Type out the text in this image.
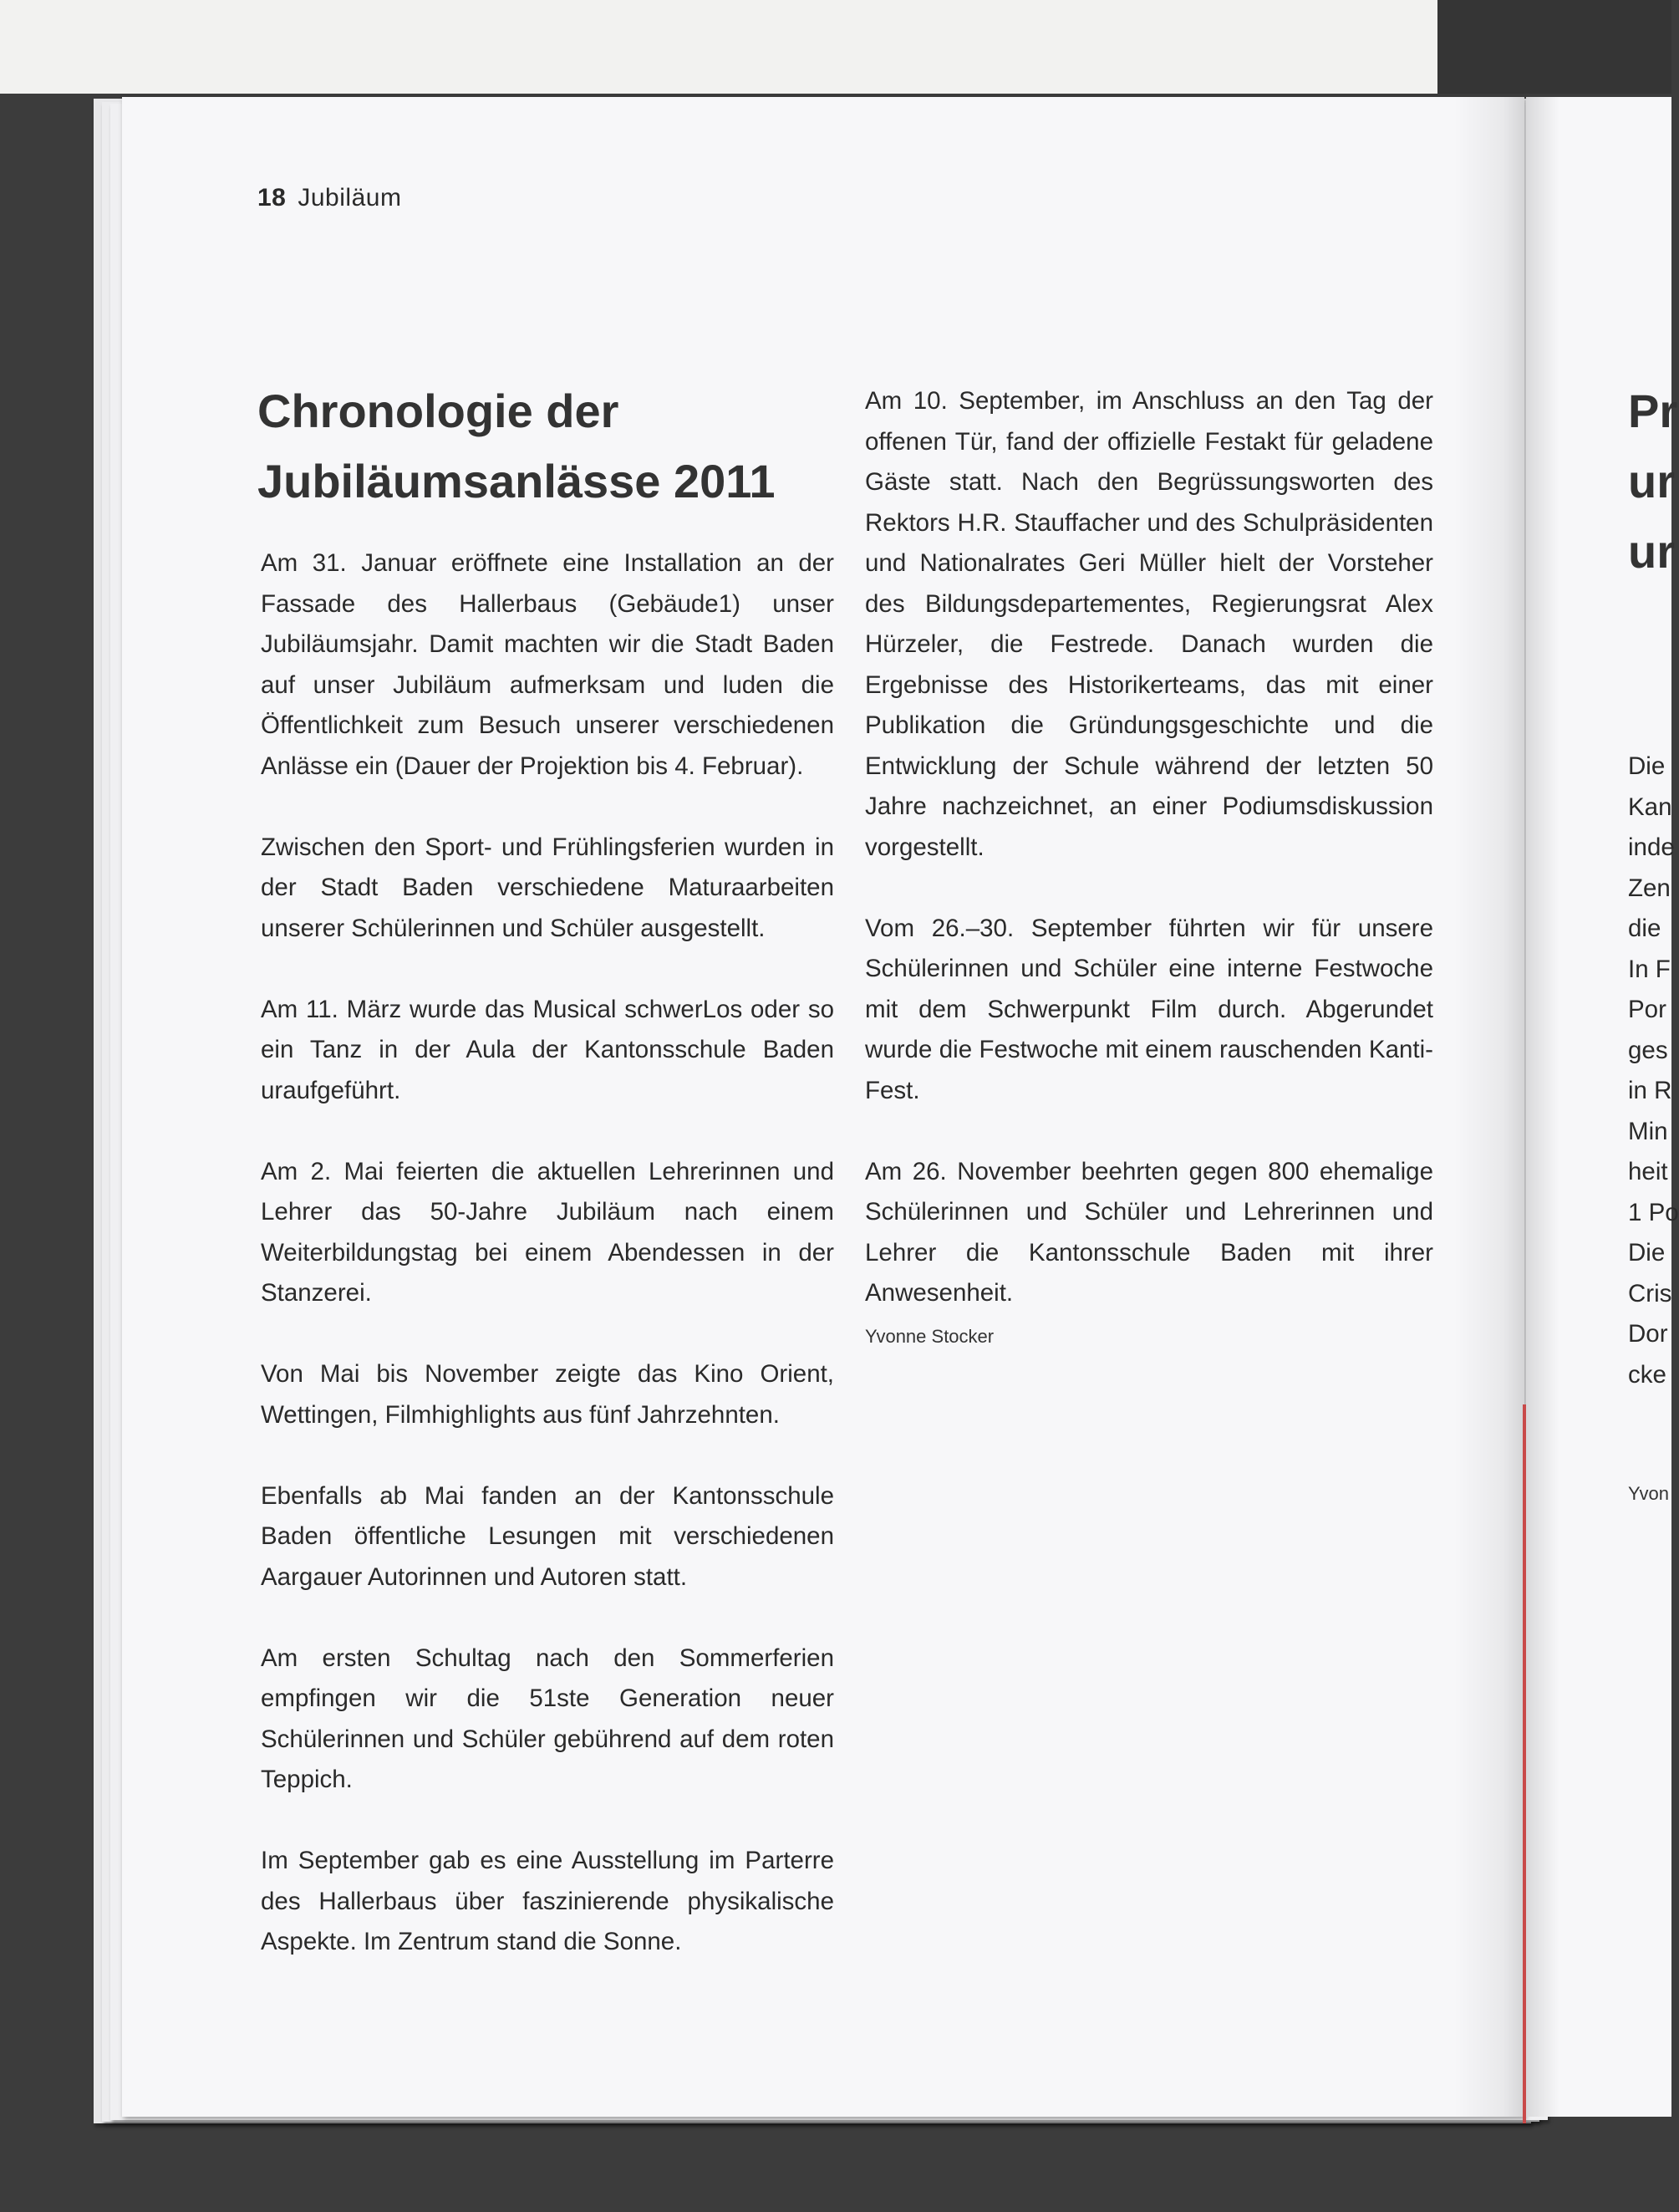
18 Jubiläum
Chronologie der
Jubiläumsanlässe 2011

Am 31. Januar eröffnete eine Installation an der Fassade des Hallerbaus (Gebäude1) unser Jubiläumsjahr. Damit machten wir die Stadt Baden auf unser Jubiläum aufmerksam und luden die Öffentlichkeit zum Besuch unserer verschiedenen Anlässe ein (Dauer der Projektion bis 4. Februar).

Zwischen den Sport- und Frühlingsferien wurden in der Stadt Baden verschiedene Maturaarbeiten unserer Schülerinnen und Schüler ausgestellt.

Am 11. März wurde das Musical schwerLos oder so ein Tanz in der Aula der Kantonsschule Baden uraufgeführt.

Am 2. Mai feierten die aktuellen Lehrerinnen und Lehrer das 50-Jahre Jubiläum nach einem Weiterbildungstag bei einem Abendessen in der Stanzerei.

Von Mai bis November zeigte das Kino Orient, Wettingen, Filmhighlights aus fünf Jahrzehnten.

Ebenfalls ab Mai fanden an der Kantonsschule Baden öffentliche Lesungen mit verschiedenen Aargauer Autorinnen und Autoren statt.

Am ersten Schultag nach den Sommerferien empfingen wir die 51ste Generation neuer Schülerinnen und Schüler gebührend auf dem roten Teppich.

Im September gab es eine Ausstellung im Parterre des Hallerbaus über faszinierende physikalische Aspekte. Im Zentrum stand die Sonne.

Am 10. September, im Anschluss an den Tag der offenen Tür, fand der offizielle Festakt für geladene Gäste statt. Nach den Begrüssungsworten des Rektors H.R. Stauffacher und des Schulpräsidenten und Nationalrates Geri Müller hielt der Vorsteher des Bildungsdepartementes, Regierungsrat Alex Hürzeler, die Festrede. Danach wurden die Ergebnisse des Historikerteams, das mit einer Publikation die Gründungsgeschichte und die Entwicklung der Schule während der letzten 50 Jahre nachzeichnet, an einer Podiumsdiskussion vorgestellt.

Vom 26.–30. September führten wir für unsere Schülerinnen und Schüler eine interne Festwoche mit dem Schwerpunkt Film durch. Abgerundet wurde die Festwoche mit einem rauschenden Kanti-Fest.

Am 26. November beehrten gegen 800 ehemalige Schülerinnen und Schüler und Lehrerinnen und Lehrer die Kantonsschule Baden mit ihrer Anwesenheit.

Yvonne Stocker
Pr
ur
ur

Die
Kan
inde
Zen
die
In F
Por
ges
in R
Min
heit
1 Po
Die
Cris
Dor
cke

Yvon
